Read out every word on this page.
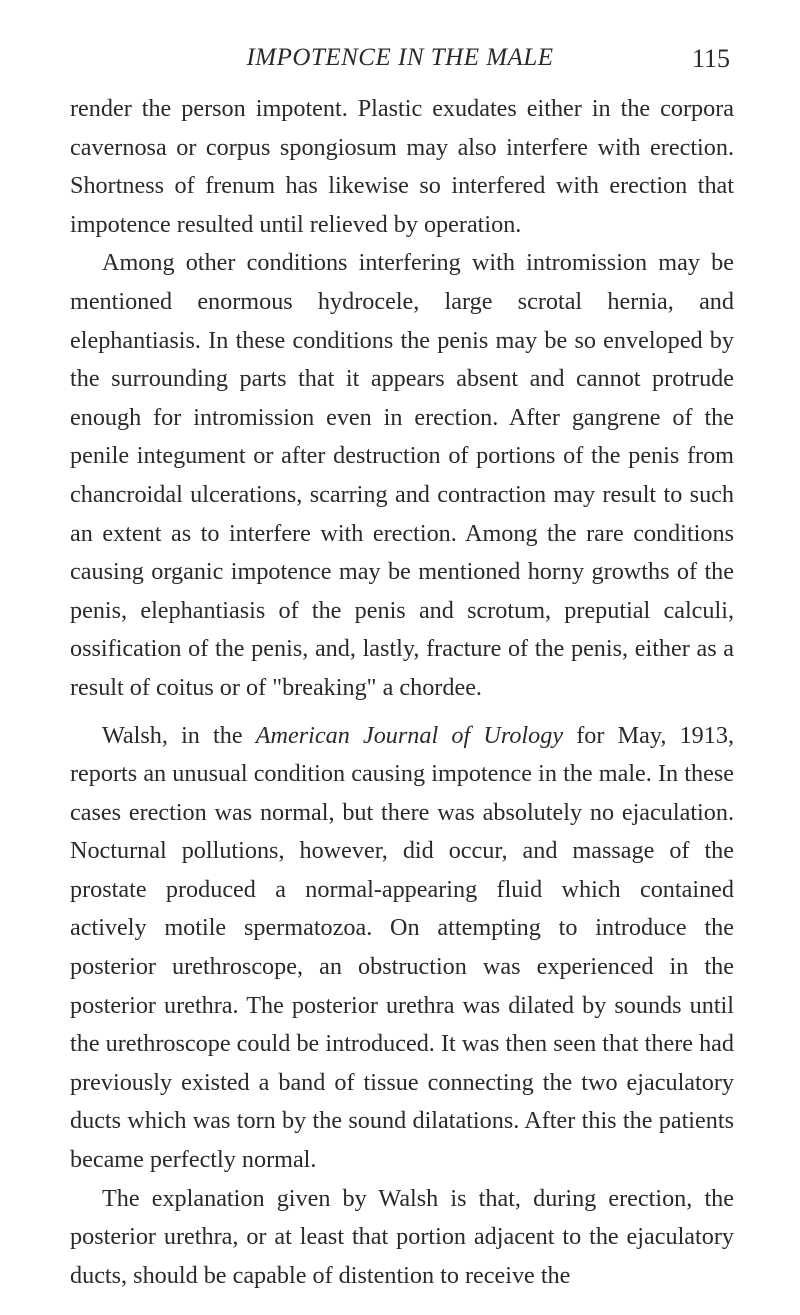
IMPOTENCE IN THE MALE	115

render the person impotent. Plastic exudates either in the corpora cavernosa or corpus spongiosum may also interfere with erection. Shortness of frenum has likewise so interfered with erection that impotence resulted until relieved by operation.

Among other conditions interfering with intromission may be mentioned enormous hydrocele, large scrotal hernia, and elephantiasis. In these conditions the penis may be so enveloped by the surrounding parts that it appears absent and cannot protrude enough for intromission even in erection. After gangrene of the penile integument or after destruction of portions of the penis from chancroidal ulcerations, scarring and contraction may result to such an extent as to interfere with erection. Among the rare conditions causing organic impotence may be mentioned horny growths of the penis, elephantiasis of the penis and scrotum, preputial calculi, ossification of the penis, and, lastly, fracture of the penis, either as a result of coitus or of "breaking" a chordee.

Walsh, in the American Journal of Urology for May, 1913, reports an unusual condition causing impotence in the male. In these cases erection was normal, but there was absolutely no ejaculation. Nocturnal pollutions, however, did occur, and massage of the prostate produced a normal-appearing fluid which contained actively motile spermatozoa. On attempting to introduce the posterior urethroscope, an obstruction was experienced in the posterior urethra. The posterior urethra was dilated by sounds until the urethroscope could be introduced. It was then seen that there had previously existed a band of tissue connecting the two ejaculatory ducts which was torn by the sound dilatations. After this the patients became perfectly normal.

The explanation given by Walsh is that, during erection, the posterior urethra, or at least that portion adjacent to the ejaculatory ducts, should be capable of distention to receive the
